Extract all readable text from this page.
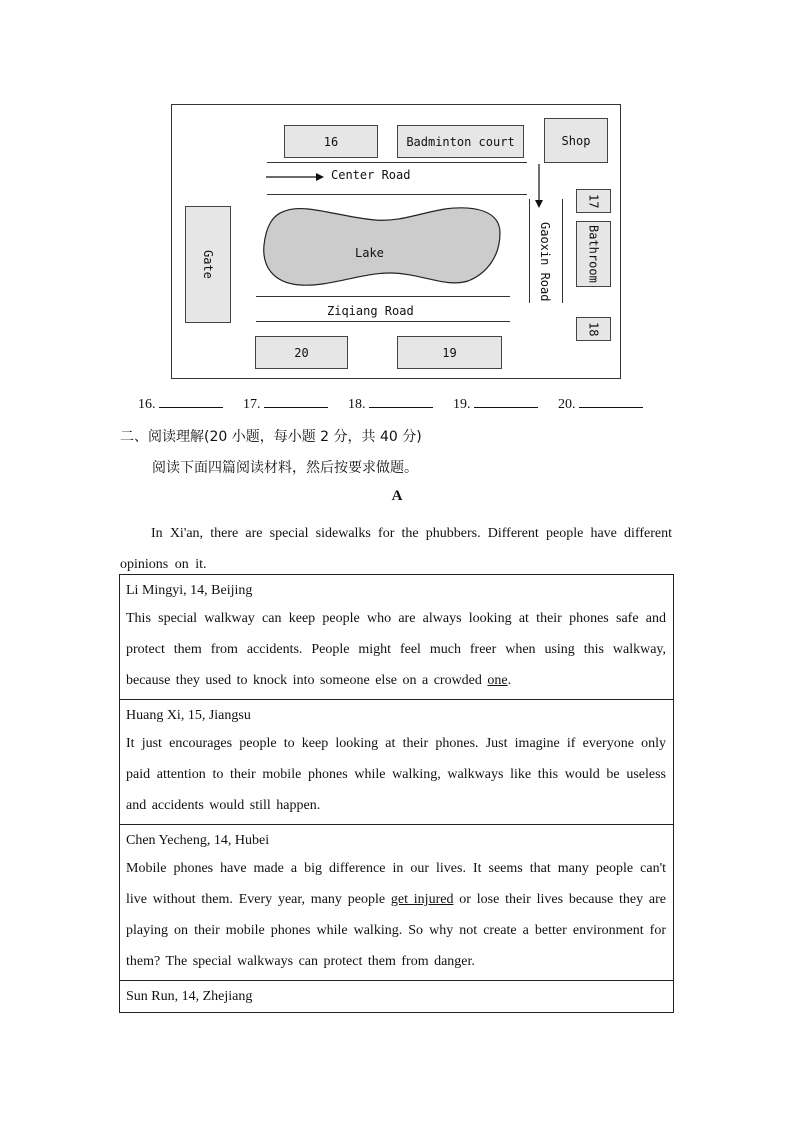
16	Badminton court	Shop
Center Road
Gaoxin Road
17
Bathroom
18
Gate	Lake
Ziqiang Road
20	19
16.	17.	18.	19.	20.
二、阅读理解(20 小题，每小题 2 分，共 40 分)
阅读下面四篇阅读材料，然后按要求做题。
A
In Xi'an, there are special sidewalks for the phubbers. Different people have different opinions on it.
Li Mingyi, 14, Beijing
This special walkway can keep people who are always looking at their phones safe and protect them from accidents. People might feel much freer when using this walkway, because they used to knock into someone else on a crowded one.
Huang Xi, 15, Jiangsu
It just encourages people to keep looking at their phones. Just imagine if everyone only paid attention to their mobile phones while walking, walkways like this would be useless and accidents would still happen.
Chen Yecheng, 14, Hubei
Mobile phones have made a big difference in our lives. It seems that many people can't live without them. Every year, many people get injured or lose their lives because they are playing on their mobile phones while walking. So why not create a better environment for them? The special walkways can protect them from danger.
Sun Run, 14, Zhejiang
